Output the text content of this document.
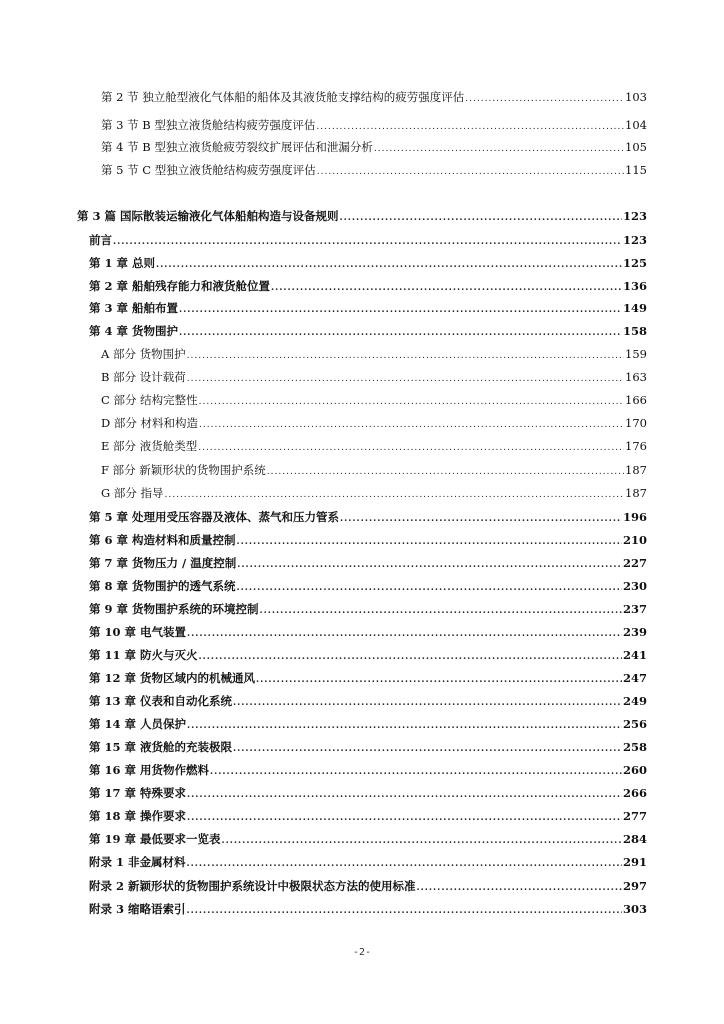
第 2 节 独立舱型液化气体船的船体及其液货舱支撑结构的疲劳强度评估 .....	103
第 3 节 B 型独立液货舱结构疲劳强度评估 .....	104
第 4 节 B 型独立液货舱疲劳裂纹扩展评估和泄漏分析 .....	105
第 5 节 C 型独立液货舱结构疲劳强度评估 .....	115
第 3 篇 国际散装运输液化气体船舶构造与设备规则 .....	123
前言 .....	123
第 1 章 总则 .....	125
第 2 章 船舶残存能力和液货舱位置 .....	136
第 3 章 船舶布置 .....	149
第 4 章 货物围护 .....	158
A 部分 货物围护 .....	159
B 部分 设计载荷 .....	163
C 部分 结构完整性 .....	166
D 部分 材料和构造 .....	170
E 部分 液货舱类型 .....	176
F 部分 新颖形状的货物围护系统 .....	187
G 部分 指导 .....	187
第 5 章 处理用受压容器及液体、蒸气和压力管系 .....	196
第 6 章 构造材料和质量控制 .....	210
第 7 章 货物压力 / 温度控制 .....	227
第 8 章 货物围护的透气系统 .....	230
第 9 章 货物围护系统的环境控制 .....	237
第 10 章 电气装置 .....	239
第 11 章 防火与灭火 .....	241
第 12 章 货物区域内的机械通风 .....	247
第 13 章 仪表和自动化系统 .....	249
第 14 章 人员保护 .....	256
第 15 章 液货舱的充装极限 .....	258
第 16 章 用货物作燃料 .....	260
第 17 章 特殊要求 .....	266
第 18 章 操作要求 .....	277
第 19 章 最低要求一览表 .....	284
附录 1 非金属材料 .....	291
附录 2 新颖形状的货物围护系统设计中极限状态方法的使用标准 .....	297
附录 3 缩略语索引 .....	303
-2-
